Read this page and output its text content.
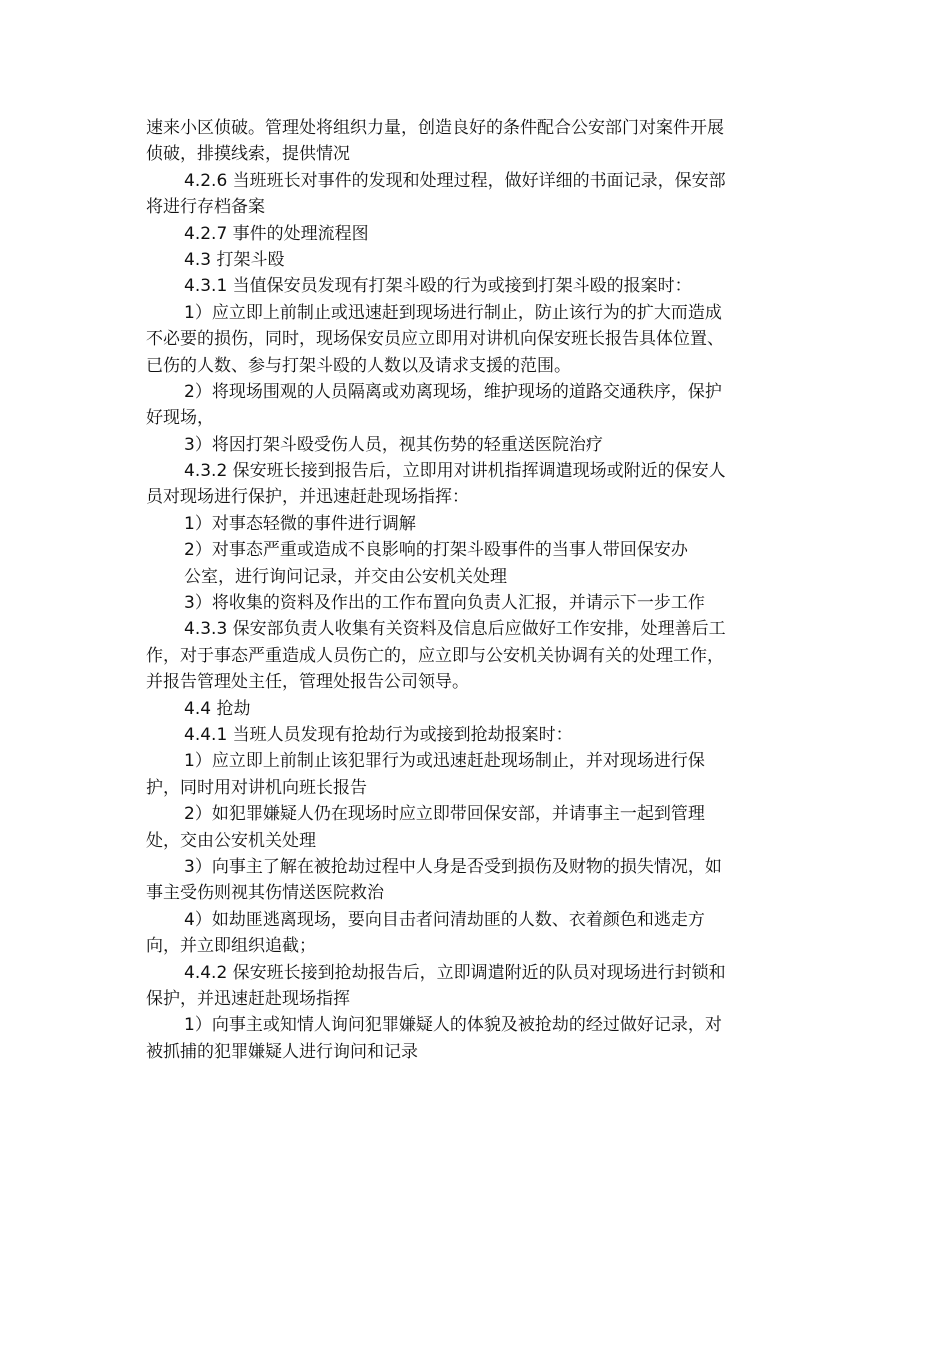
速来小区侦破。管理处将组织力量，创造良好的条件配合公安部门对案件开展
侦破，排摸线索，提供情况
4.2.6 当班班长对事件的发现和处理过程，做好详细的书面记录，保安部
将进行存档备案
4.2.7 事件的处理流程图
4.3 打架斗殴
4.3.1 当值保安员发现有打架斗殴的行为或接到打架斗殴的报案时：
1）应立即上前制止或迅速赶到现场进行制止，防止该行为的扩大而造成
不必要的损伤，同时，现场保安员应立即用对讲机向保安班长报告具体位置、
已伤的人数、参与打架斗殴的人数以及请求支援的范围。
2）将现场围观的人员隔离或劝离现场，维护现场的道路交通秩序，保护
好现场，
3）将因打架斗殴受伤人员，视其伤势的轻重送医院治疗
4.3.2 保安班长接到报告后，立即用对讲机指挥调遣现场或附近的保安人
员对现场进行保护，并迅速赶赴现场指挥：
1）对事态轻微的事件进行调解
2）对事态严重或造成不良影响的打架斗殴事件的当事人带回保安办
公室，进行询问记录，并交由公安机关处理
3）将收集的资料及作出的工作布置向负责人汇报，并请示下一步工作
4.3.3 保安部负责人收集有关资料及信息后应做好工作安排，处理善后工
作，对于事态严重造成人员伤亡的，应立即与公安机关协调有关的处理工作，
并报告管理处主任，管理处报告公司领导。
4.4 抢劫
4.4.1 当班人员发现有抢劫行为或接到抢劫报案时：
1）应立即上前制止该犯罪行为或迅速赶赴现场制止，并对现场进行保
护，同时用对讲机向班长报告
2）如犯罪嫌疑人仍在现场时应立即带回保安部，并请事主一起到管理
处，交由公安机关处理
3）向事主了解在被抢劫过程中人身是否受到损伤及财物的损失情况，如
事主受伤则视其伤情送医院救治
4）如劫匪逃离现场，要向目击者问清劫匪的人数、衣着颜色和逃走方
向，并立即组织追截；
4.4.2 保安班长接到抢劫报告后，立即调遣附近的队员对现场进行封锁和
保护，并迅速赶赴现场指挥
1）向事主或知情人询问犯罪嫌疑人的体貌及被抢劫的经过做好记录，对
被抓捕的犯罪嫌疑人进行询问和记录
